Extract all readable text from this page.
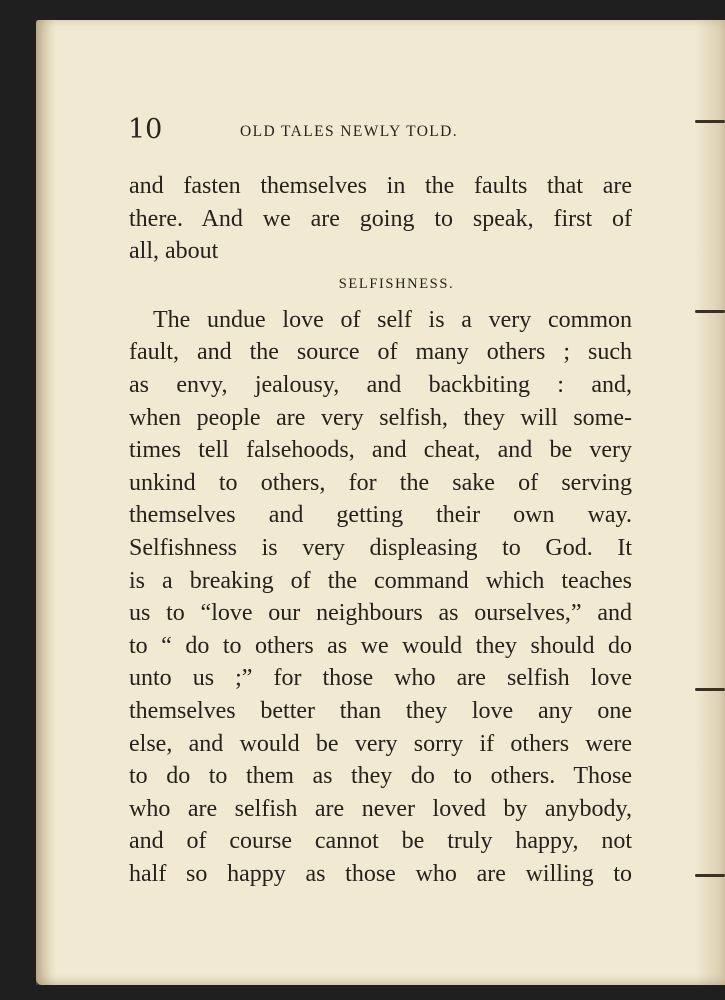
10	OLD TALES NEWLY TOLD.
and fasten themselves in the faults that are
there. And we are going to speak, first of
all, about
SELFISHNESS.
The undue love of self is a very common
fault, and the source of many others ; such
as envy, jealousy, and backbiting : and,
when people are very selfish, they will some-
times tell falsehoods, and cheat, and be very
unkind to others, for the sake of serving
themselves and getting their own way.
Selfishness is very displeasing to God. It
is a breaking of the command which teaches
us to “love our neighbours as ourselves,” and
to “ do to others as we would they should do
unto us ;” for those who are selfish love
themselves better than they love any one
else, and would be very sorry if others were
to do to them as they do to others. Those
who are selfish are never loved by anybody,
and of course cannot be truly happy, not
half so happy as those who are willing to
